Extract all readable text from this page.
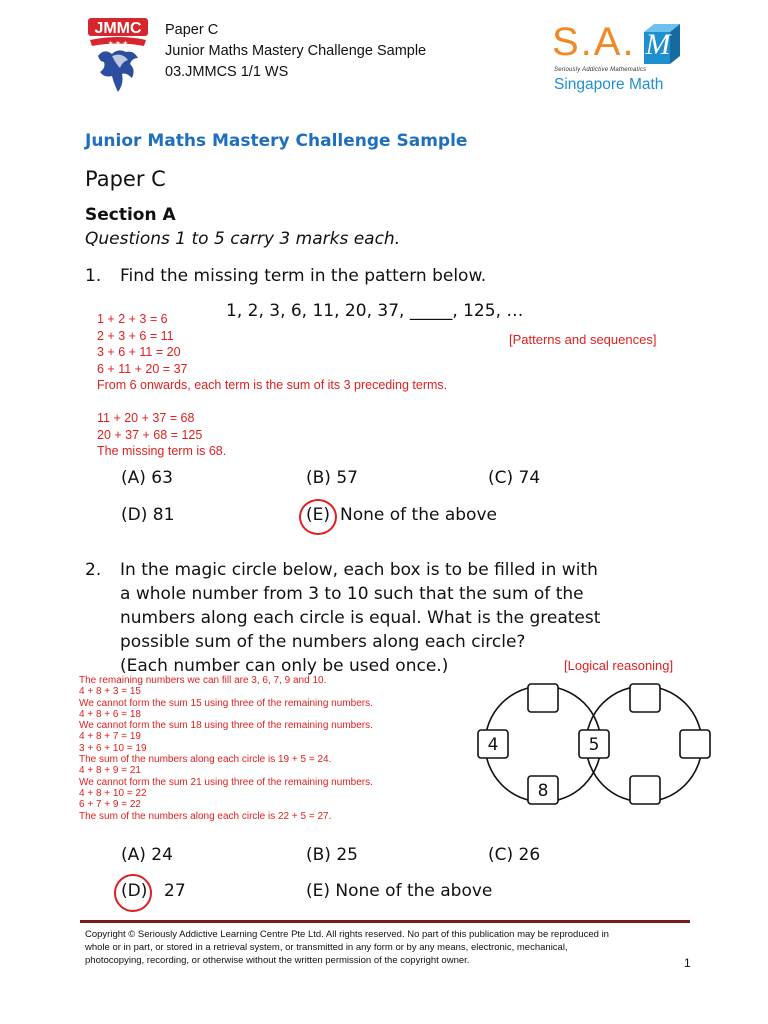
JMMC
★ ★ ★
Paper C
Junior Maths Mastery Challenge Sample
03.JMMCS 1/1 WS
S.A. M
Seriously Addictive Mathematics
Singapore Math
Junior Maths Mastery Challenge Sample
Paper C
Section A
Questions 1 to 5 carry 3 marks each.
1. Find the missing term in the pattern below.
1, 2, 3, 6, 11, 20, 37, _____, 125, …
[Patterns and sequences]
1 + 2 + 3 = 6
2 + 3 + 6 = 11
3 + 6 + 11 = 20
6 + 11 + 20 = 37
From 6 onwards, each term is the sum of its 3 preceding terms.
11 + 20 + 37 = 68
20 + 37 + 68 = 125
The missing term is 68.
(A) 63	(B) 57	(C) 74
(D) 81	(E) None of the above
2. In the magic circle below, each box is to be filled in with
a whole number from 3 to 10 such that the sum of the
numbers along each circle is equal. What is the greatest
possible sum of the numbers along each circle?
(Each number can only be used once.)	[Logical reasoning]
The remaining numbers we can fill are 3, 6, 7, 9 and 10.
4 + 8 + 3 = 15
We cannot form the sum 15 using three of the remaining numbers.
4 + 8 + 6 = 18
We cannot form the sum 18 using three of the remaining numbers.
4 + 8 + 7 = 19
3 + 6 + 10 = 19
The sum of the numbers along each circle is 19 + 5 = 24.
4 + 8 + 9 = 21
We cannot form the sum 21 using three of the remaining numbers.
4 + 8 + 10 = 22
6 + 7 + 9 = 22
The sum of the numbers along each circle is 22 + 5 = 27.
4	5
8
(A) 24	(B) 25	(C) 26
(D) 27	(E) None of the above
Copyright © Seriously Addictive Learning Centre Pte Ltd. All rights reserved. No part of this publication may be reproduced in
whole or in part, or stored in a retrieval system, or transmitted in any form or by any means, electronic, mechanical,
photocopying, recording, or otherwise without the written permission of the copyright owner.	1
